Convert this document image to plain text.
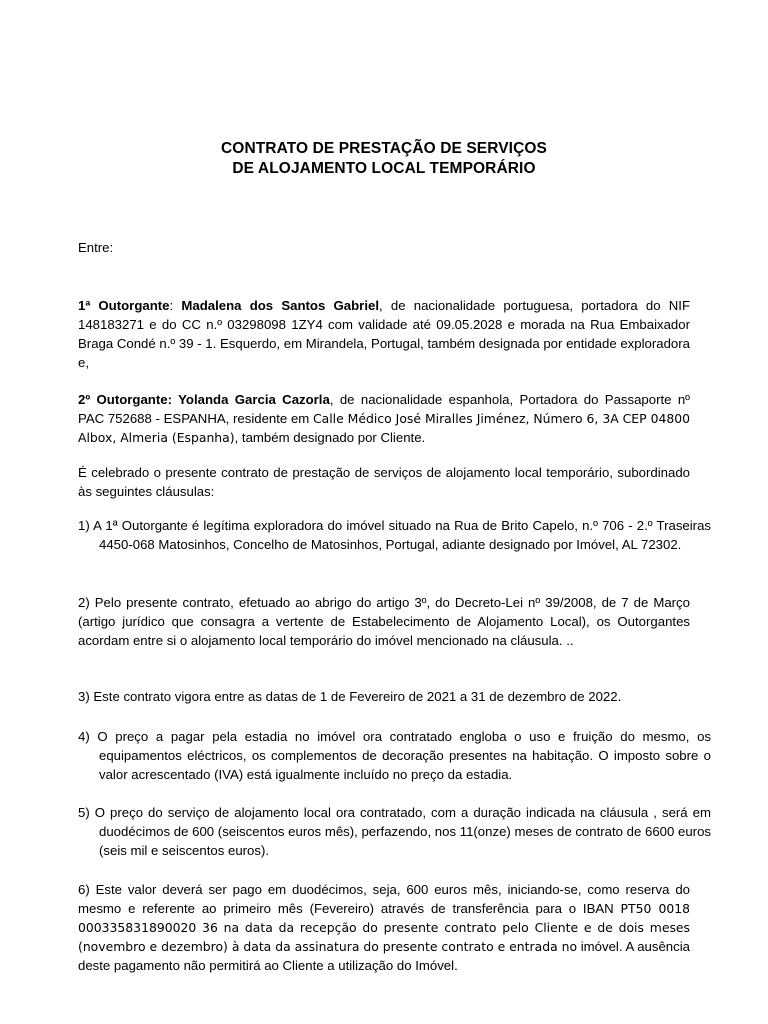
CONTRATO DE PRESTAÇÃO DE SERVIÇOS
DE ALOJAMENTO LOCAL TEMPORÁRIO
Entre:
1ª Outorgante: Madalena dos Santos Gabriel, de nacionalidade portuguesa, portadora do NIF 148183271 e do CC n.º 03298098 1ZY4 com validade até 09.05.2028 e morada na Rua Embaixador Braga Condé n.º 39 - 1. Esquerdo, em Mirandela, Portugal, também designada por entidade exploradora e,
2º Outorgante: Yolanda Garcia Cazorla, de nacionalidade espanhola, Portadora do Passaporte nº PAC 752688 - ESPANHA, residente em Calle Médico José Miralles Jiménez, Número 6, 3A CEP 04800 Albox, Almeria (Espanha), também designado por Cliente.
É celebrado o presente contrato de prestação de serviços de alojamento local temporário, subordinado às seguintes cláusulas:
1) A 1ª Outorgante é legítima exploradora do imóvel situado na Rua de Brito Capelo, n.º 706 - 2.º Traseiras 4450-068 Matosinhos, Concelho de Matosinhos, Portugal, adiante designado por Imóvel, AL 72302.
2) Pelo presente contrato, efetuado ao abrigo do artigo 3º, do Decreto-Lei nº 39/2008, de 7 de Março (artigo jurídico que consagra a vertente de Estabelecimento de Alojamento Local), os Outorgantes acordam entre si o alojamento local temporário do imóvel mencionado na cláusula. ..
3) Este contrato vigora entre as datas de 1 de Fevereiro de 2021 a 31 de dezembro de 2022.
4) O preço a pagar pela estadia no imóvel ora contratado engloba o uso e fruição do mesmo, os equipamentos eléctricos, os complementos de decoração presentes na habitação. O imposto sobre o valor acrescentado (IVA) está igualmente incluído no preço da estadia.
5) O preço do serviço de alojamento local ora contratado, com a duração indicada na cláusula , será em duodécimos de 600 (seiscentos euros mês), perfazendo, nos 11(onze) meses de contrato de 6600 euros (seis mil e seiscentos euros).
6) Este valor deverá ser pago em duodécimos, seja, 600 euros mês, iniciando-se, como reserva do mesmo e referente ao primeiro mês (Fevereiro) através de transferência para o IBAN PT50 0018 000335831890020 36 na data da recepção do presente contrato pelo Cliente e de dois meses (novembro e dezembro) à data da assinatura do presente contrato e entrada no imóvel. A ausência deste pagamento não permitirá ao Cliente a utilização do Imóvel.
